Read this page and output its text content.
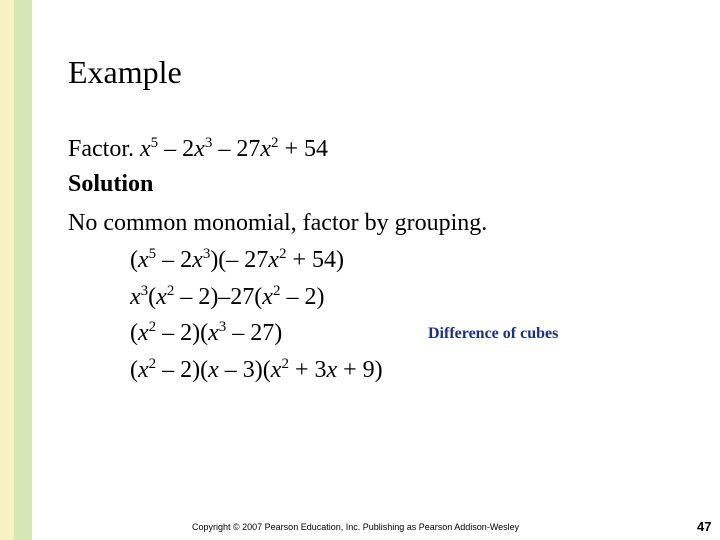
Example
Factor. $x^5 - 2x^3 - 27x^2 + 54$
Solution
No common monomial, factor by grouping.
$(x^5 - 2x^3)(-$ $27x^2 + 54$)
$x^3(x^2 - 2)-27(x^2 - 2)$
$(x^2 - 2)(x^3 - 27)$	Difference of cubes
$(x^2 - 2)(x - 3)(x^2 + 3x + 9)$
Copyright © 2007 Pearson Education, Inc. Publishing as Pearson Addison-Wesley	47
